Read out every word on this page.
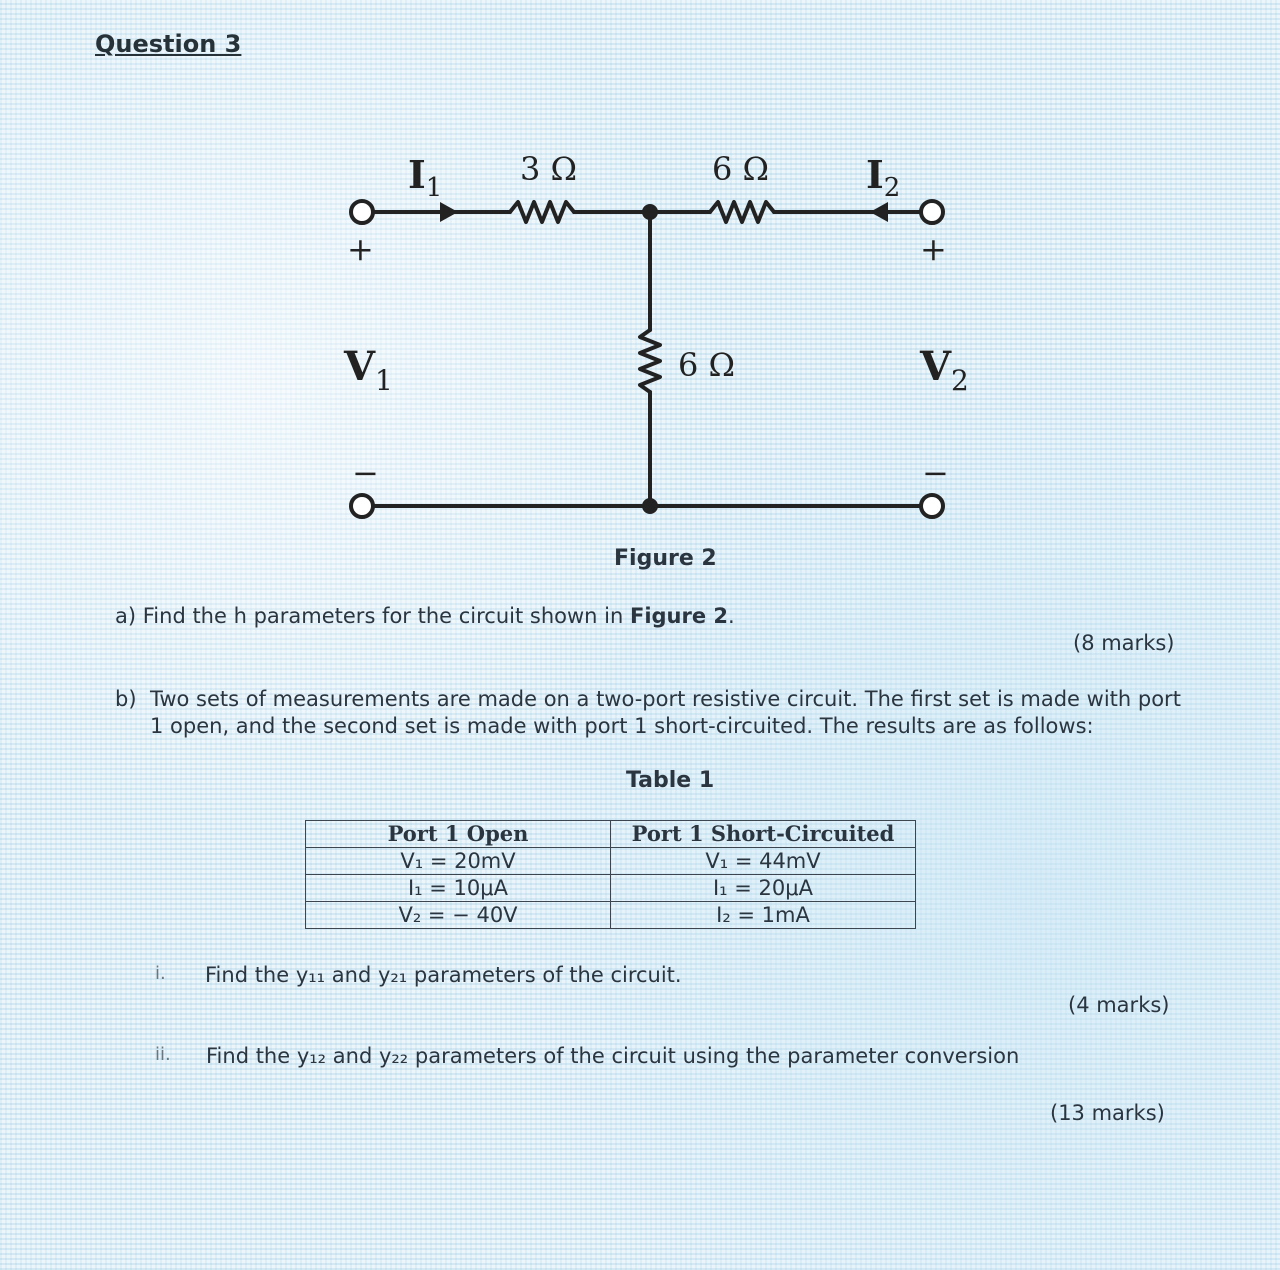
Question 3
$I_1$ 3 Ω	6 Ω	$I_2$
+	+
$V_1$	6 Ω	$V_2$
−	−
Figure 2
a) Find the h parameters for the circuit shown in Figure 2.
(8 marks)
b) Two sets of measurements are made on a two-port resistive circuit. The first set is made with port 1 open, and the second set is made with port 1 short-circuited. The results are as follows:
Table 1
Port 1 Open	Port 1 Short-Circuited
V₁ = 20mV	V₁ = 44mV
I₁ = 10μA	I₁ = 20μA
V₂ = − 40V	I₂ = 1mA
i. Find the y₁₁ and y₂₁ parameters of the circuit.
(4 marks)
ii. Find the y₁₂ and y₂₂ parameters of the circuit using the parameter conversion
(13 marks)
